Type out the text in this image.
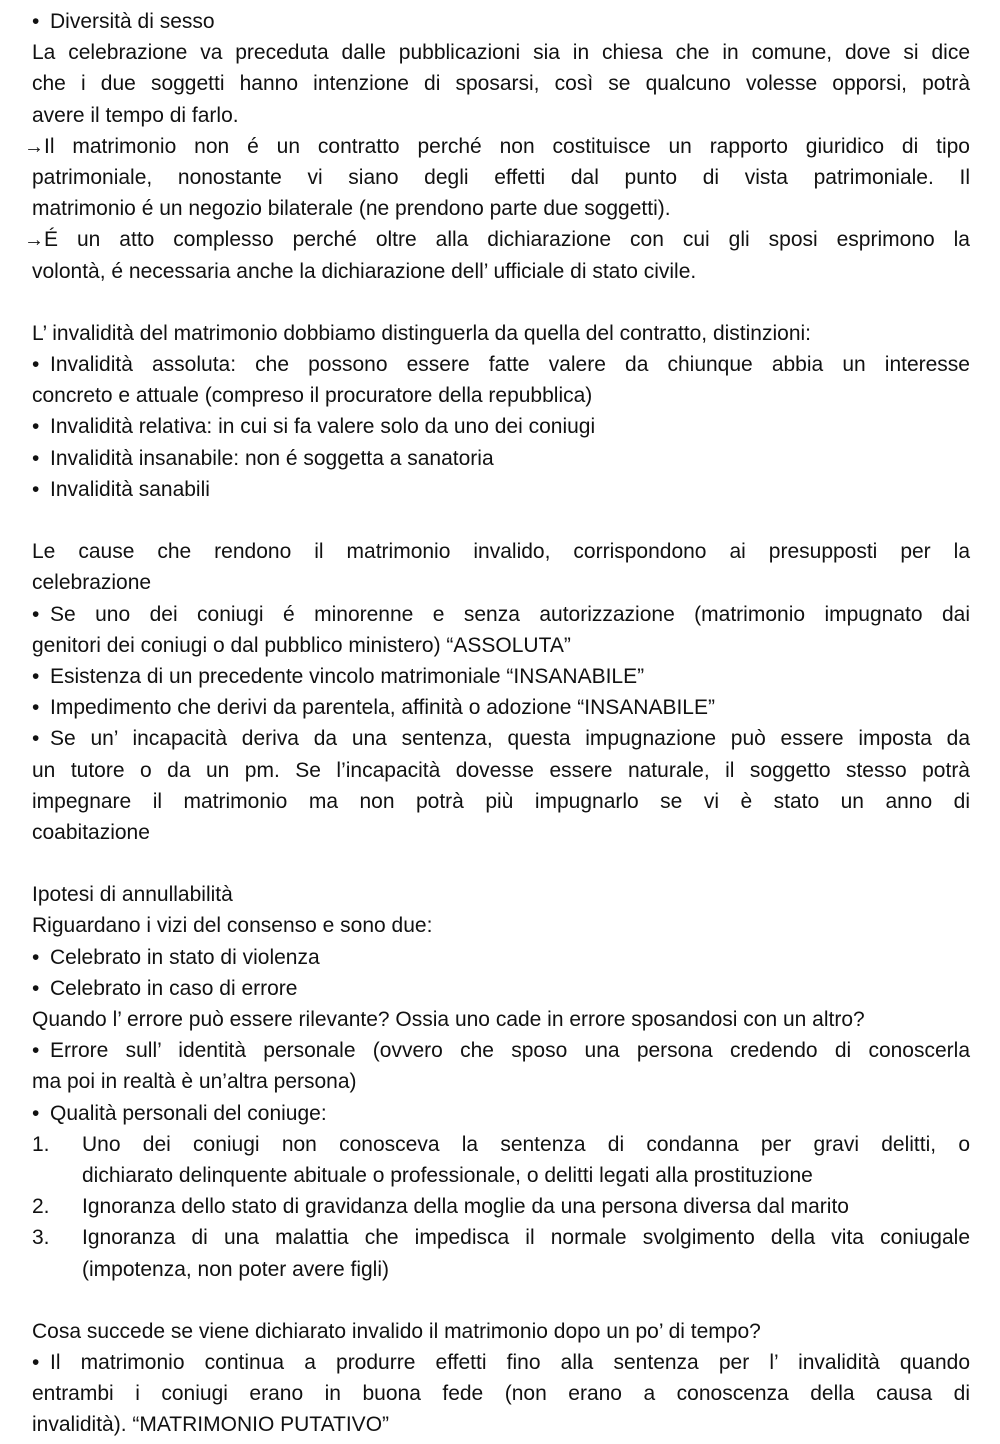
• Diversità di sesso
La celebrazione va preceduta dalle pubblicazioni sia in chiesa che in comune, dove si dice
che i due soggetti hanno intenzione di sposarsi, così se qualcuno volesse opporsi, potrà
avere il tempo di farlo.
→Il matrimonio non é un contratto perché non costituisce un rapporto giuridico di tipo
patrimoniale, nonostante vi siano degli effetti dal punto di vista patrimoniale. Il
matrimonio é un negozio bilaterale (ne prendono parte due soggetti).
→É un atto complesso perché oltre alla dichiarazione con cui gli sposi esprimono la
volontà, é necessaria anche la dichiarazione dell’ ufficiale di stato civile.
L’ invalidità del matrimonio dobbiamo distinguerla da quella del contratto, distinzioni:
• Invalidità assoluta: che possono essere fatte valere da chiunque abbia un interesse
concreto e attuale (compreso il procuratore della repubblica)
• Invalidità relativa: in cui si fa valere solo da uno dei coniugi
• Invalidità insanabile: non é soggetta a sanatoria
• Invalidità sanabili
Le cause che rendono il matrimonio invalido, corrispondono ai presupposti per la
celebrazione
• Se uno dei coniugi é minorenne e senza autorizzazione (matrimonio impugnato dai
genitori dei coniugi o dal pubblico ministero) “ASSOLUTA”
• Esistenza di un precedente vincolo matrimoniale “INSANABILE”
• Impedimento che derivi da parentela, affinità o adozione “INSANABILE”
• Se un’ incapacità deriva da una sentenza, questa impugnazione può essere imposta da
un tutore o da un pm. Se l’incapacità dovesse essere naturale, il soggetto stesso potrà
impegnare il matrimonio ma non potrà più impugnarlo se vi è stato un anno di
coabitazione
Ipotesi di annullabilità
Riguardano i vizi del consenso e sono due:
• Celebrato in stato di violenza
• Celebrato in caso di errore
Quando l’ errore può essere rilevante? Ossia uno cade in errore sposandosi con un altro?
• Errore sull’ identità personale (ovvero che sposo una persona credendo di conoscerla
ma poi in realtà è un’altra persona)
• Qualità personali del coniuge:
1. Uno dei coniugi non conosceva la sentenza di condanna per gravi delitti, o
dichiarato delinquente abituale o professionale, o delitti legati alla prostituzione
2. Ignoranza dello stato di gravidanza della moglie da una persona diversa dal marito
3. Ignoranza di una malattia che impedisca il normale svolgimento della vita coniugale
(impotenza, non poter avere figli)
Cosa succede se viene dichiarato invalido il matrimonio dopo un po’ di tempo?
• Il matrimonio continua a produrre effetti fino alla sentenza per l’ invalidità quando
entrambi i coniugi erano in buona fede (non erano a conoscenza della causa di
invalidità). “MATRIMONIO PUTATIVO”
